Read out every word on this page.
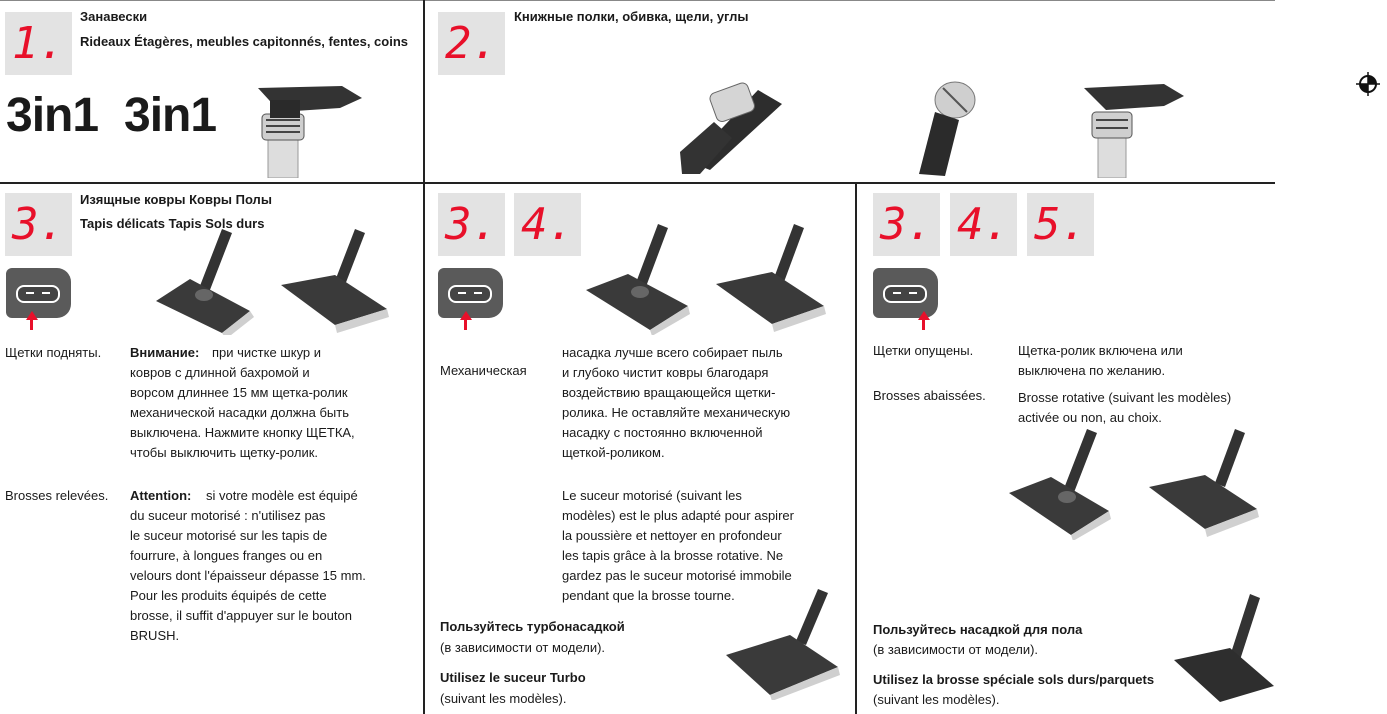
1.
Занавески
Rideaux Étagères, meubles capitonnés, fentes, coins
3in1 3in1
2.
Книжные полки, обивка, щели, углы
3. Изящные ковры Ковры Полы
Tapis délicats Tapis Sols durs
Щетки подняты. Внимание: при чистке шкур и
ковров с длинной бахромой и
ворсом длиннее 15 мм щетка-ролик
механической насадки должна быть
выключена. Нажмите кнопку ЩЕТКА,
чтобы выключить щетку-ролик.
Brosses relevées. Attention:	si votre modèle est équipé
du suceur motorisé : n'utilisez pas
le suceur motorisé sur les tapis de
fourrure, à longues franges ou en
velours dont l'épaisseur dépasse 15 mm.
Pour les produits équipés de cette
brosse, il suffit d'appuyer sur le bouton
BRUSH.
3. 4.
Механическая
насадка лучше всего собирает пыль
и глубоко чистит ковры благодаря
воздействию вращающейся щетки-
ролика. Не оставляйте механическую
насадку с постоянно включенной
щеткой-роликом.
Le suceur motorisé (suivant les
modèles) est le plus adapté pour aspirer
la poussière et nettoyer en profondeur
les tapis grâce à la brosse rotative. Ne
gardez pas le suceur motorisé immobile
pendant que la brosse tourne.
Пользуйтесь турбонасадкой
(в зависимости от модели).
Utilisez le suceur Turbo
(suivant les modèles).
3. 4. 5.
Щетки опущены.	Щетка-ролик включена или
выключена по желанию.
Brosses abaissées. Brosse rotative (suivant les modèles)
activée ou non, au choix.
Пользуйтесь насадкой для пола
(в зависимости от модели).
Utilisez la brosse spéciale sols durs/parquets
(suivant les modèles).
